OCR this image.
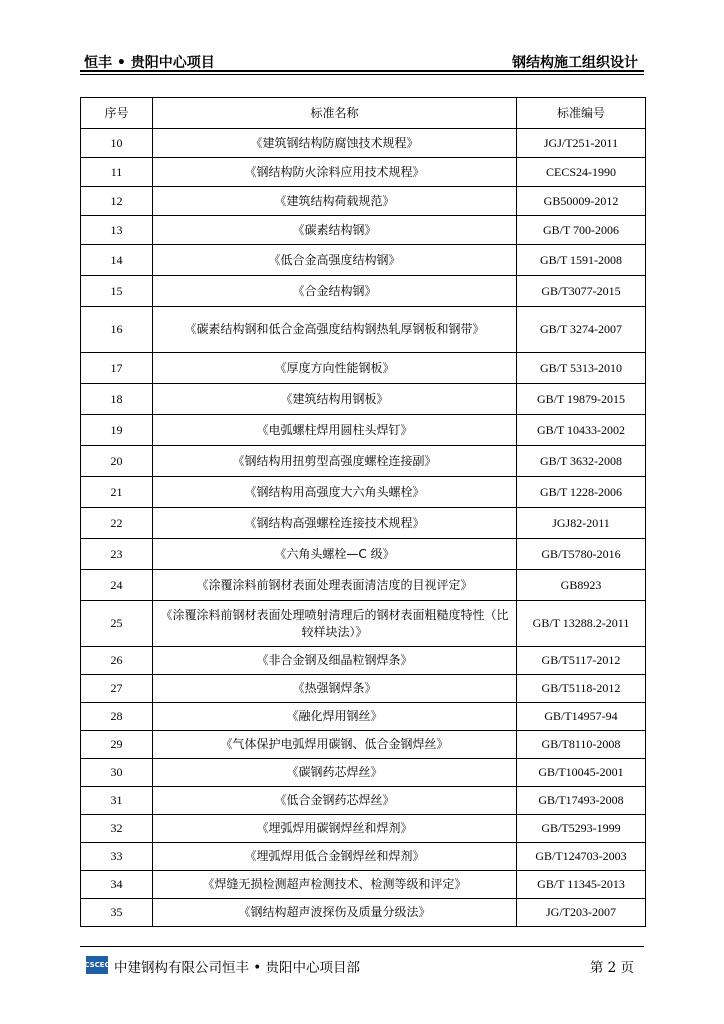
恒丰 • 贵阳中心项目	钢结构施工组织设计
序号	标准名称	标准编号
10	《建筑钢结构防腐蚀技术规程》	JGJ/T251-2011
11	《钢结构防火涂料应用技术规程》	CECS24-1990
12	《建筑结构荷载规范》	GB50009-2012
13	《碳素结构钢》	GB/T 700-2006
14	《低合金高强度结构钢》	GB/T 1591-2008
15	《合金结构钢》	GB/T3077-2015
16	《碳素结构钢和低合金高强度结构钢热轧厚钢板和钢带》	GB/T 3274-2007
17	《厚度方向性能钢板》	GB/T 5313-2010
18	《建筑结构用钢板》	GB/T 19879-2015
19	《电弧螺柱焊用圆柱头焊钉》	GB/T 10433-2002
20	《钢结构用扭剪型高强度螺栓连接副》	GB/T 3632-2008
21	《钢结构用高强度大六角头螺栓》	GB/T 1228-2006
22	《钢结构高强螺栓连接技术规程》	JGJ82-2011
23	《六角头螺栓—C 级》	GB/T5780-2016
24	《涂覆涂料前钢材表面处理表面清洁度的目视评定》	GB8923
25	《涂覆涂料前钢材表面处理喷射清理后的钢材表面粗糙度特性（比较样块法）》	GB/T 13288.2-2011
26	《非合金钢及细晶粒钢焊条》	GB/T5117-2012
27	《热强钢焊条》	GB/T5118-2012
28	《融化焊用钢丝》	GB/T14957-94
29	《气体保护电弧焊用碳钢、低合金钢焊丝》	GB/T8110-2008
30	《碳钢药芯焊丝》	GB/T10045-2001
31	《低合金钢药芯焊丝》	GB/T17493-2008
32	《埋弧焊用碳钢焊丝和焊剂》	GB/T5293-1999
33	《埋弧焊用低合金钢焊丝和焊剂》	GB/T124703-2003
34	《焊缝无损检测超声检测技术、检测等级和评定》	GB/T 11345-2013
35	《钢结构超声波探伤及质量分级法》	JG/T203-2007
CSCEC 中建钢构有限公司恒丰 • 贵阳中心项目部	第 2 页
